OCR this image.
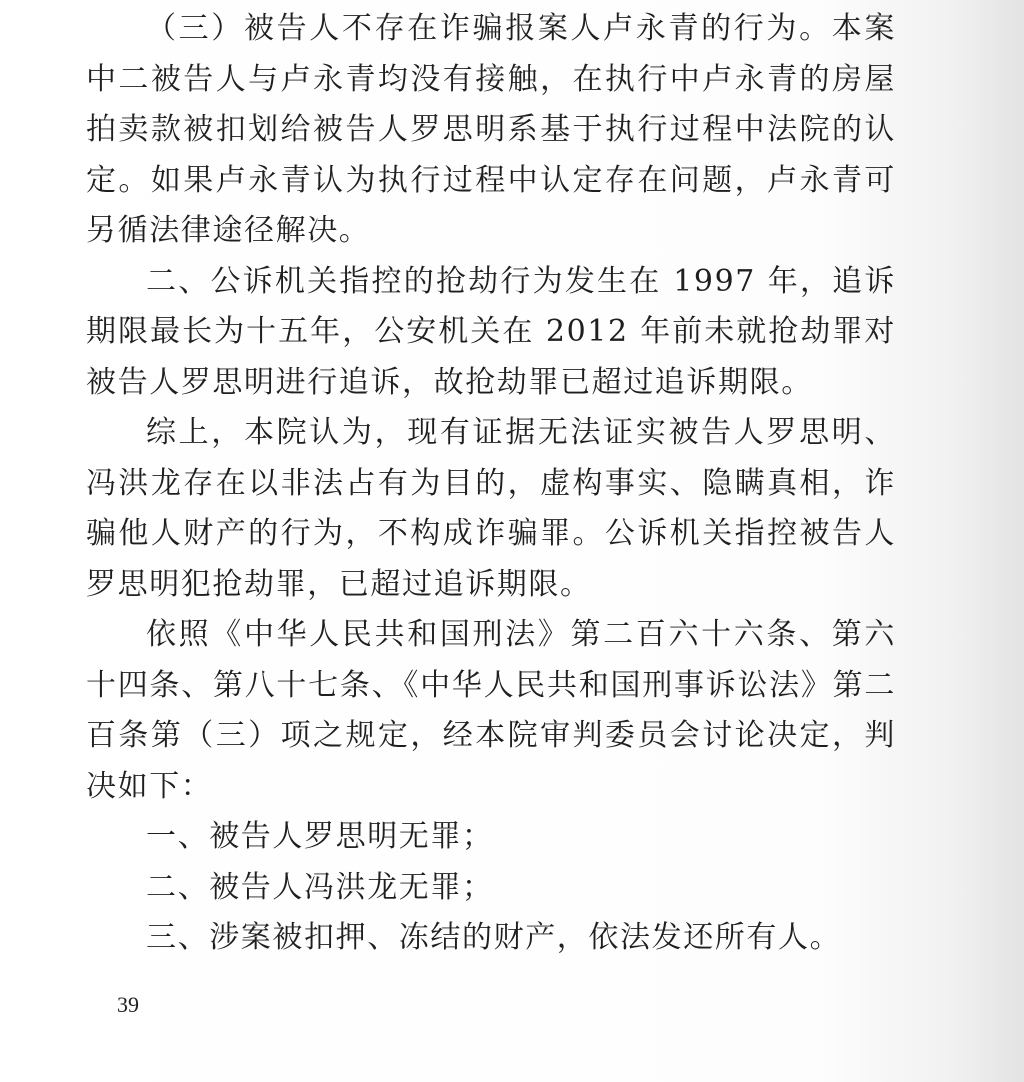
（三）被告人不存在诈骗报案人卢永青的行为。本案中二被告人与卢永青均没有接触，在执行中卢永青的房屋拍卖款被扣划给被告人罗思明系基于执行过程中法院的认定。如果卢永青认为执行过程中认定存在问题，卢永青可另循法律途径解决。

二、公诉机关指控的抢劫行为发生在 1997 年，追诉期限最长为十五年，公安机关在 2012 年前未就抢劫罪对被告人罗思明进行追诉，故抢劫罪已超过追诉期限。

综上，本院认为，现有证据无法证实被告人罗思明、冯洪龙存在以非法占有为目的，虚构事实、隐瞒真相，诈骗他人财产的行为，不构成诈骗罪。公诉机关指控被告人罗思明犯抢劫罪，已超过追诉期限。

依照《中华人民共和国刑法》第二百六十六条、第六十四条、第八十七条、《中华人民共和国刑事诉讼法》第二百条第（三）项之规定，经本院审判委员会讨论决定，判决如下：

一、被告人罗思明无罪；

二、被告人冯洪龙无罪；

三、涉案被扣押、冻结的财产，依法发还所有人。

39
